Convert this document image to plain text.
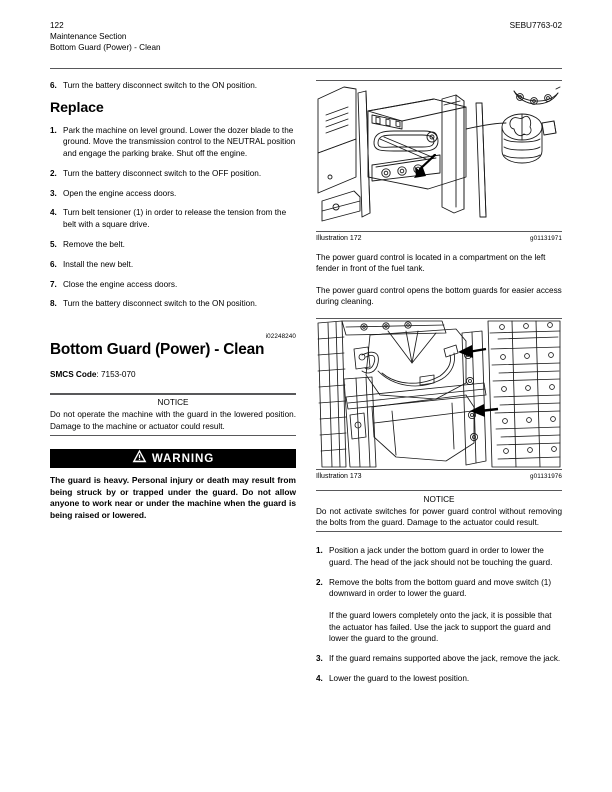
122
Maintenance Section
Bottom Guard (Power) - Clean
SEBU7763-02
6. Turn the battery disconnect switch to the ON position.
Replace
1. Park the machine on level ground. Lower the dozer blade to the ground. Move the transmission control to the NEUTRAL position and engage the parking brake. Shut off the engine.
2. Turn the battery disconnect switch to the OFF position.
3. Open the engine access doors.
4. Turn belt tensioner (1) in order to release the tension from the belt with a square drive.
5. Remove the belt.
6. Install the new belt.
7. Close the engine access doors.
8. Turn the battery disconnect switch to the ON position.

i02248240

Bottom Guard (Power) - Clean

SMCS Code: 7153-070

NOTICE
Do not operate the machine with the guard in the lowered position. Damage to the machine or actuator could result.
WARNING
The guard is heavy. Personal injury or death may result from being struck by or trapped under the guard. Do not allow anyone to work near or under the machine when the guard is being raised or lowered.
Illustration 172	g01131971

The power guard control is located in a compartment on the left fender in front of the fuel tank.

The power guard control opens the bottom guards for easier access during cleaning.

Illustration 173	g01131976
NOTICE
Do not activate switches for power guard control without removing the bolts from the guard. Damage to the actuator could result.
1. Position a jack under the bottom guard in order to lower the guard. The head of the jack should not be touching the guard.
2. Remove the bolts from the bottom guard and move switch (1) downward in order to lower the guard.
If the guard lowers completely onto the jack, it is possible that the actuator has failed. Use the jack to support the guard and lower the guard to the ground.
3. If the guard remains supported above the jack, remove the jack.
4. Lower the guard to the lowest position.
